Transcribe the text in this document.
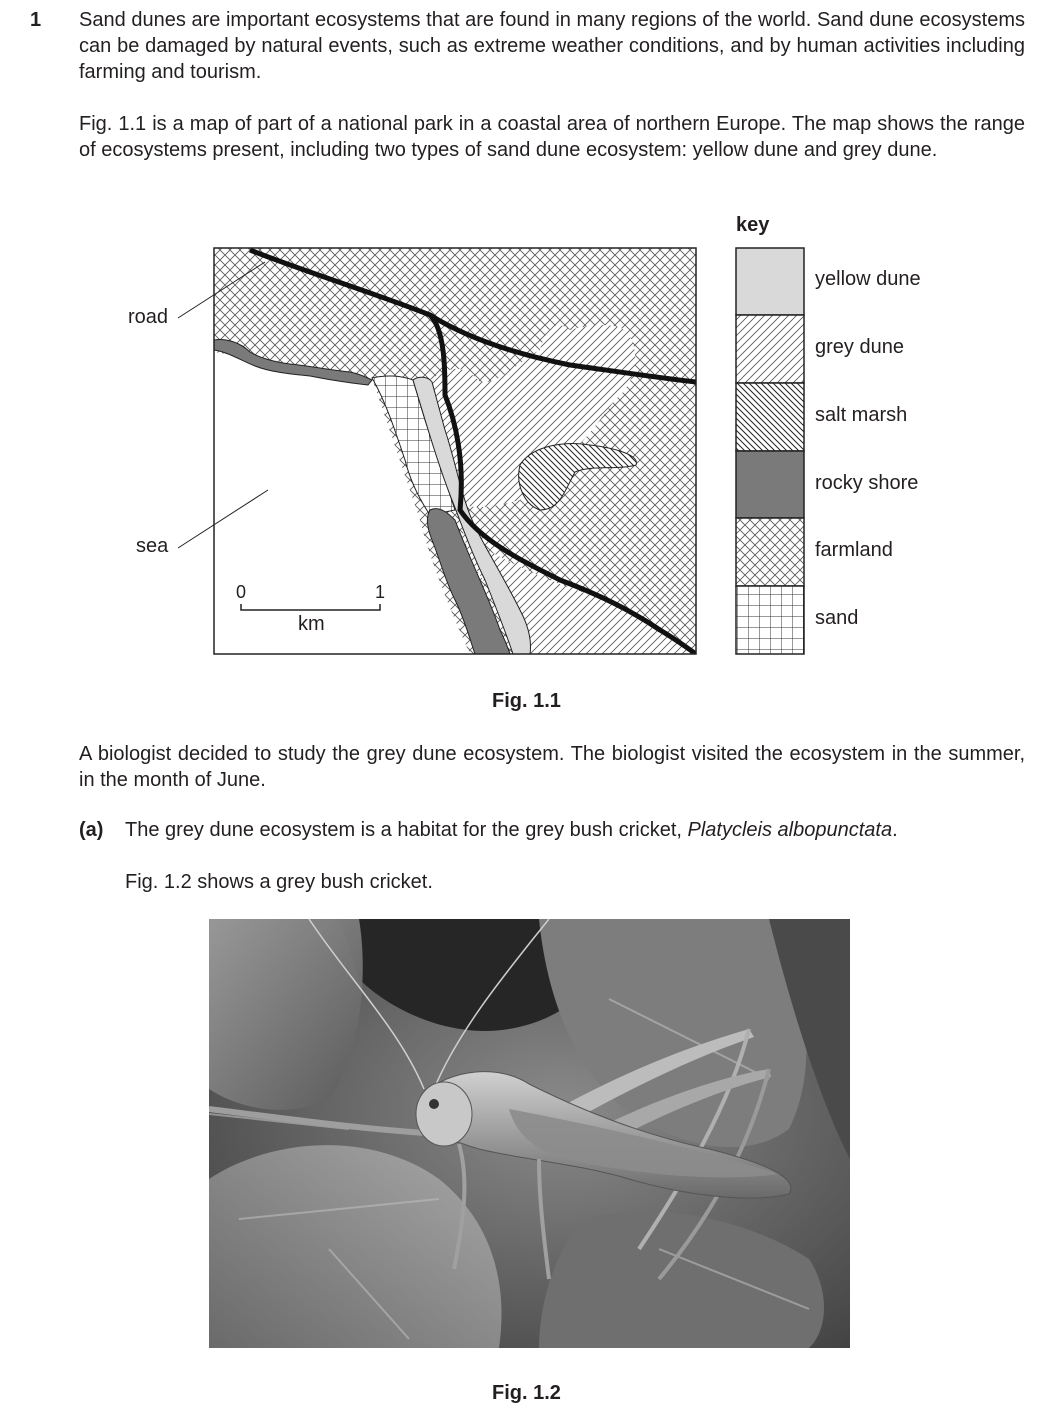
1 Sand dunes are important ecosystems that are found in many regions of the world. Sand dune ecosystems can be damaged by natural events, such as extreme weather conditions, and by human activities including farming and tourism.
Fig. 1.1 is a map of part of a national park in a coastal area of northern Europe. The map shows the range of ecosystems present, including two types of sand dune ecosystem: yellow dune and grey dune.
road
sea
0	1
km
key
yellow dune
grey dune
salt marsh
rocky shore
farmland
sand
Fig. 1.1
A biologist decided to study the grey dune ecosystem. The biologist visited the ecosystem in the summer, in the month of June.
(a) The grey dune ecosystem is a habitat for the grey bush cricket, Platycleis albopunctata.
Fig. 1.2 shows a grey bush cricket.
Fig. 1.2
